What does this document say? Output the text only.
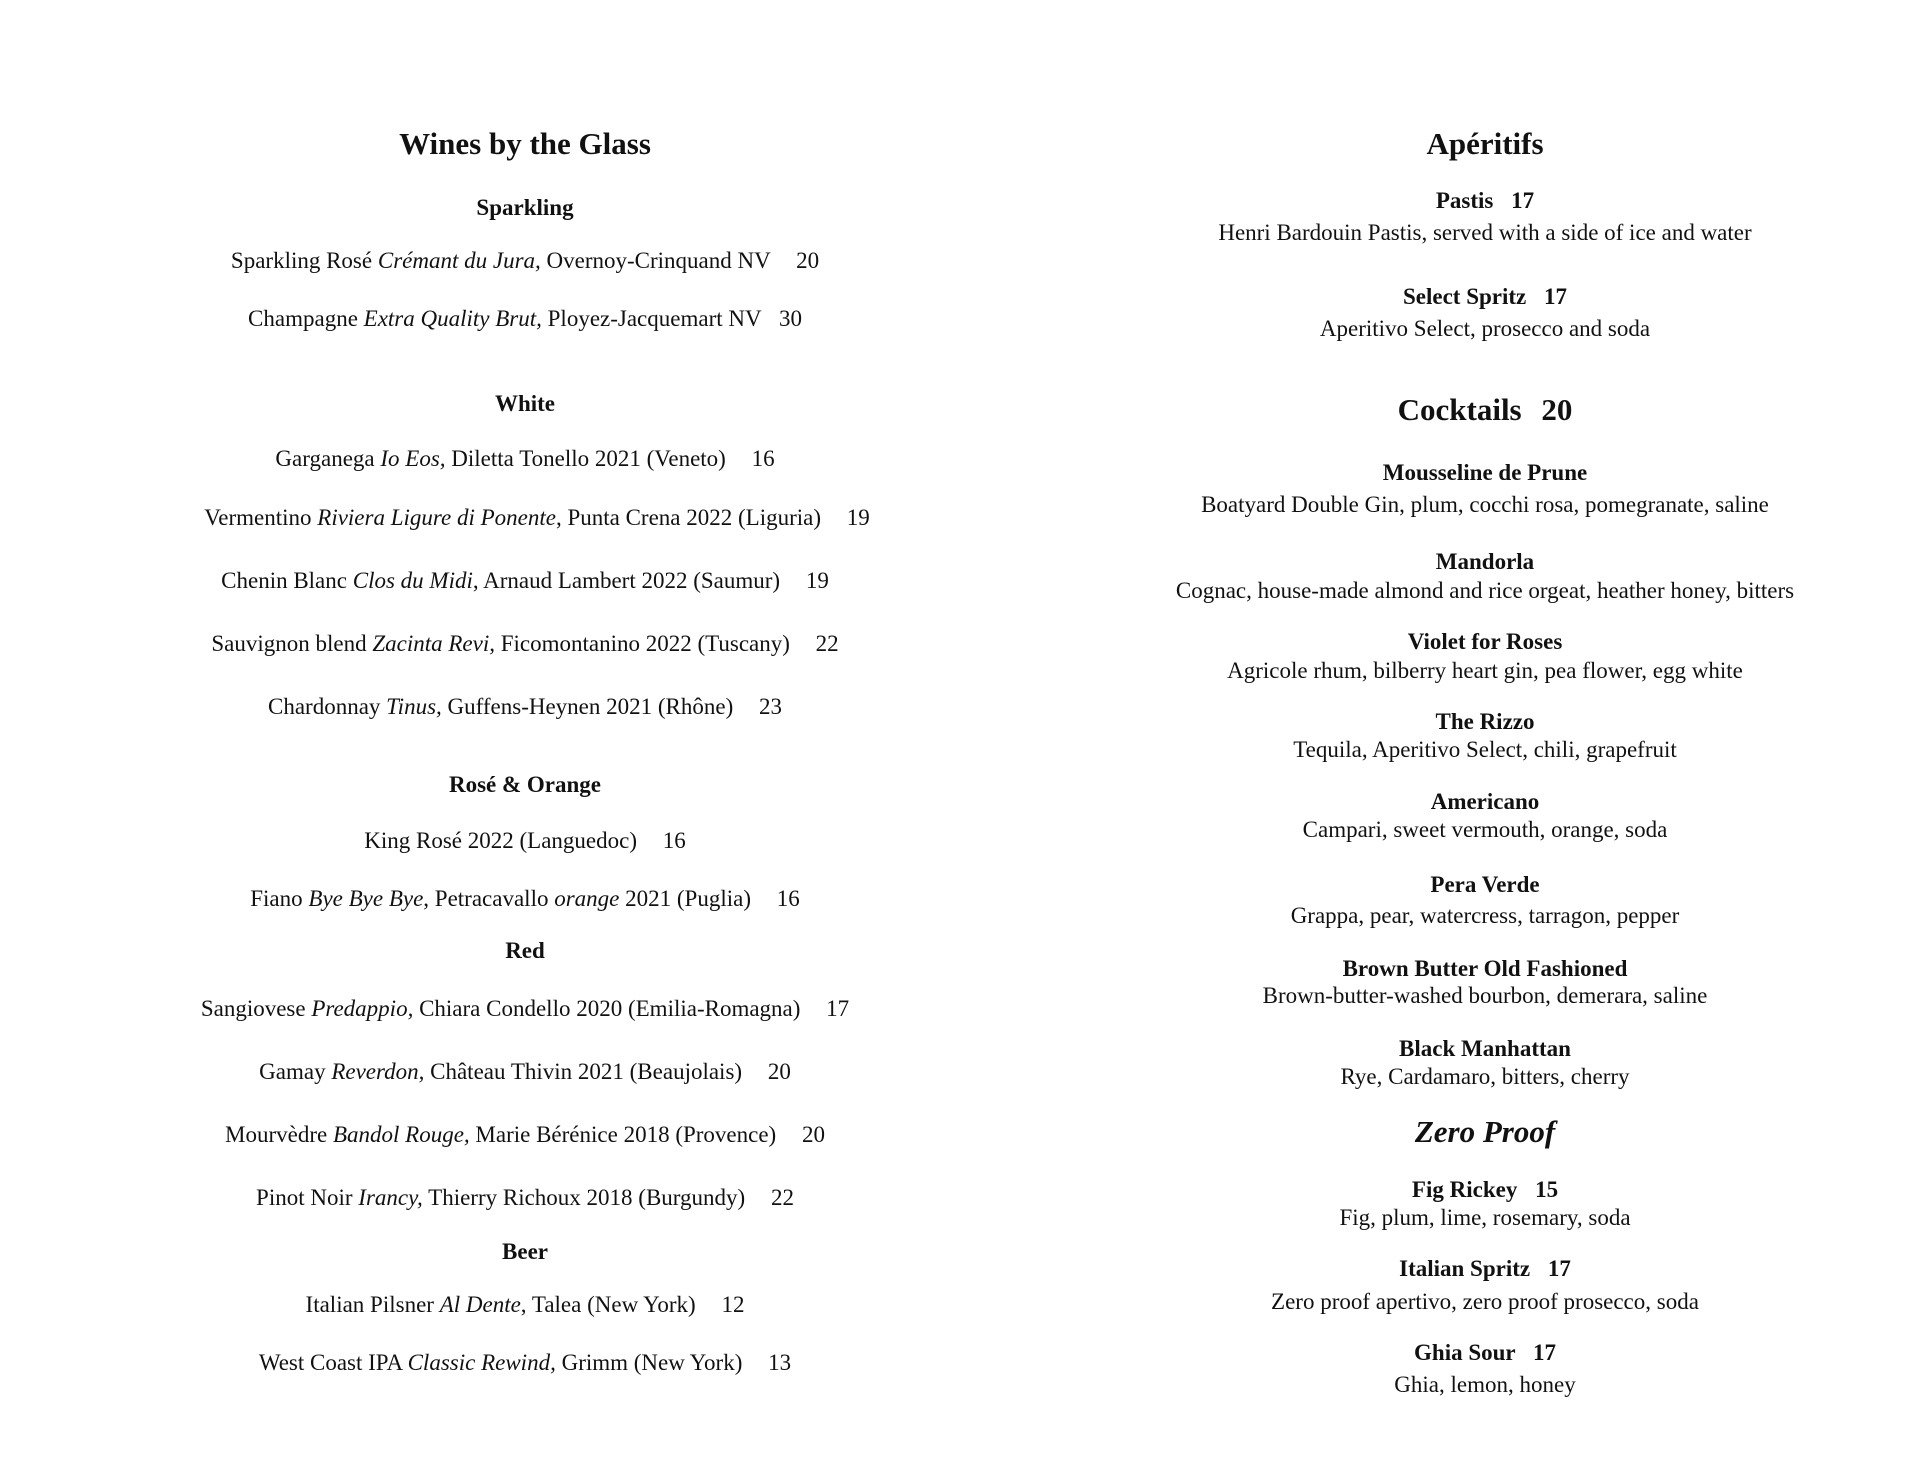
Wines by the Glass
Sparkling
Sparkling Rosé Crémant du Jura, Overnoy-Crinquand NV 20
Champagne Extra Quality Brut, Ployez-Jacquemart NV 30
White
Garganega Io Eos, Diletta Tonello 2021 (Veneto) 16
Vermentino Riviera Ligure di Ponente, Punta Crena 2022 (Liguria) 19
Chenin Blanc Clos du Midi, Arnaud Lambert 2022 (Saumur) 19
Sauvignon blend Zacinta Revi, Ficomontanino 2022 (Tuscany) 22
Chardonnay Tinus, Guffens-Heynen 2021 (Rhône) 23
Rosé & Orange
King Rosé 2022 (Languedoc) 16
Fiano Bye Bye Bye, Petracavallo orange 2021 (Puglia) 16
Red
Sangiovese Predappio, Chiara Condello 2020 (Emilia-Romagna) 17
Gamay Reverdon, Château Thivin 2021 (Beaujolais) 20
Mourvèdre Bandol Rouge, Marie Bérénice 2018 (Provence) 20
Pinot Noir Irancy, Thierry Richoux 2018 (Burgundy) 22
Beer
Italian Pilsner Al Dente, Talea (New York) 12
West Coast IPA Classic Rewind, Grimm (New York) 13
Apéritifs
Pastis 17
Henri Bardouin Pastis, served with a side of ice and water
Select Spritz 17
Aperitivo Select, prosecco and soda
Cocktails 20
Mousseline de Prune
Boatyard Double Gin, plum, cocchi rosa, pomegranate, saline
Mandorla
Cognac, house-made almond and rice orgeat, heather honey, bitters
Violet for Roses
Agricole rhum, bilberry heart gin, pea flower, egg white
The Rizzo
Tequila, Aperitivo Select, chili, grapefruit
Americano
Campari, sweet vermouth, orange, soda
Pera Verde
Grappa, pear, watercress, tarragon, pepper
Brown Butter Old Fashioned
Brown-butter-washed bourbon, demerara, saline
Black Manhattan
Rye, Cardamaro, bitters, cherry
Zero Proof
Fig Rickey 15
Fig, plum, lime, rosemary, soda
Italian Spritz 17
Zero proof apertivo, zero proof prosecco, soda
Ghia Sour 17
Ghia, lemon, honey
